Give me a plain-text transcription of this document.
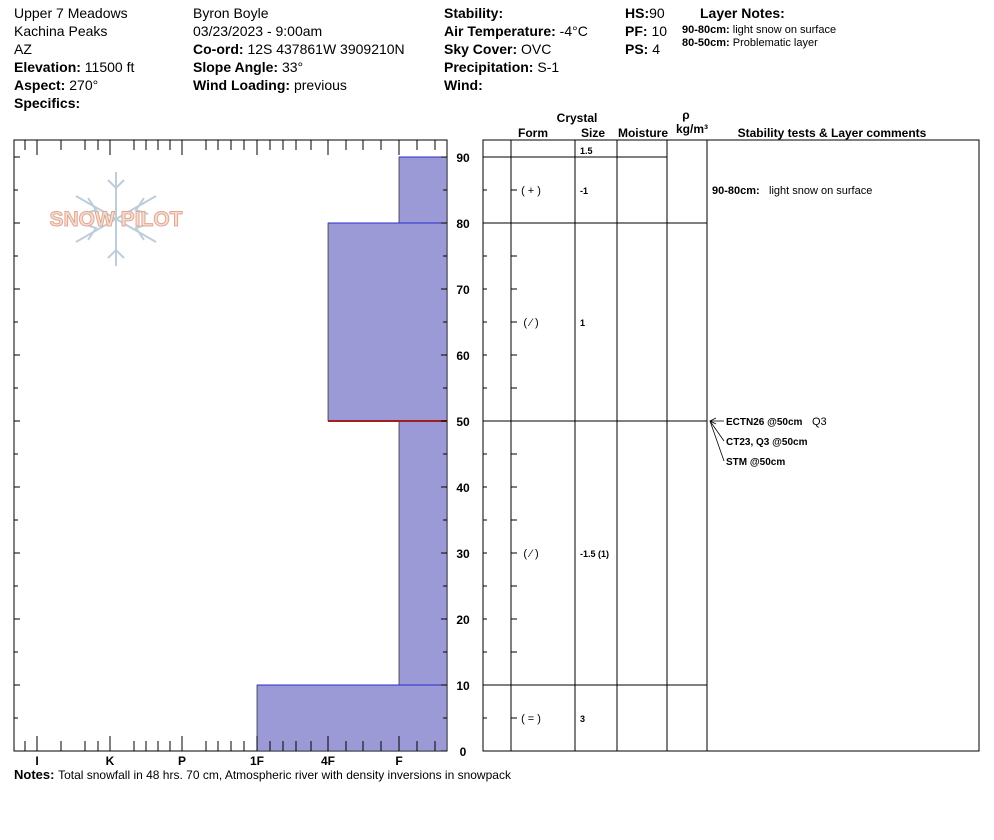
Upper 7 Meadows
Kachina Peaks
AZ
Elevation: 11500 ft
Aspect: 270°
Specifics:
Byron Boyle
03/23/2023 - 9:00am
Co-ord: 12S 437861W 3909210N
Slope Angle: 33°
Wind Loading: previous
Stability:
Air Temperature: -4°C
Sky Cover: OVC
Precipitation: S-1
Wind:
HS:90
PF: 10
PS: 4
Layer Notes:
90-80cm: light snow on surface
80-50cm: Problematic layer
SNOW PILOT
0
10
20
30
40
50
60
70
80
90
I	K	P	1F	4F	F
1.5
( + )	-1
( ⁄ )	1
( ⁄ )	-1.5 (1)
( = )	3
90-80cm: light snow on surface
ECTN26 @50cm Q3
CT23, Q3 @50cm
STM @50cm
Crystal
Form	Size Moisture
ρ
kg/m³ Stability tests & Layer comments
Notes: Total snowfall in 48 hrs. 70 cm, Atmospheric river with density inversions in snowpack
